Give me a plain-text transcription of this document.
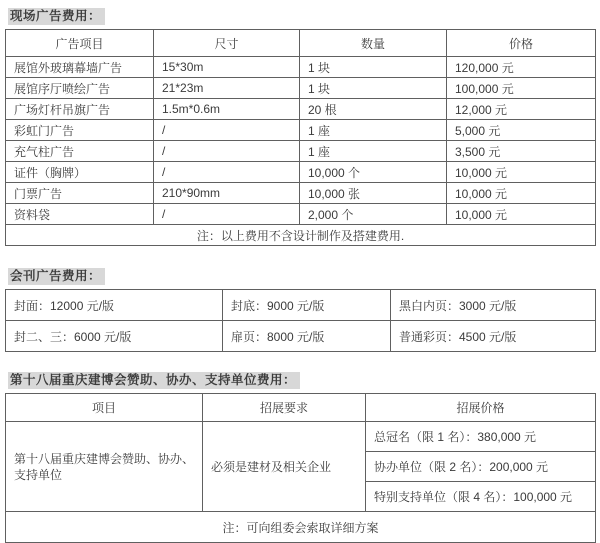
现场广告费用：
广告项目	尺寸	数量	价格
展馆外玻璃幕墙广告	15*30m	1 块	120,000 元
展馆序厅喷绘广告	21*23m	1 块	100,000 元
广场灯杆吊旗广告	1.5m*0.6m	20 根	12,000 元
彩虹门广告	/	1 座	5,000 元
充气柱广告	/	1 座	3,500 元
证件（胸牌）	/	10,000 个	10,000 元
门票广告	210*90mm	10,000 张	10,000 元
资料袋	/	2,000 个	10,000 元
注：以上费用不含设计制作及搭建费用.			
会刊广告费用：
封面：12000 元/版	封底：9000 元/版	黑白内页：3000 元/版
封二、三：6000 元/版	扉页：8000 元/版	普通彩页：4500 元/版
第十八届重庆建博会赞助、协办、支持单位费用：
项目	招展要求	招展价格
第十八届重庆建博会赞助、协办、支持单位	必须是建材及相关企业	总冠名（限 1 名）：380,000 元
		协办单位（限 2 名）：200,000 元
		特别支持单位（限 4 名）：100,000 元
注：可向组委会索取详细方案		
